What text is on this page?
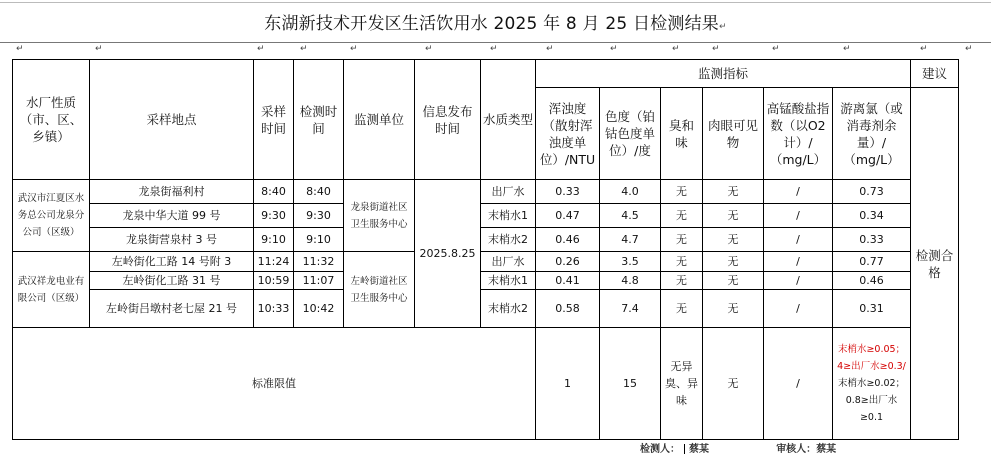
东湖新技术开发区生活饮用水 2025 年 8 月 25 日检测结果↵
↵	↵	↵	↵	↵	↵	↵	↵	↵	↵	↵	↵	↵	↵	↵
水厂性质（市、区、乡镇）	采样地点	采样时间	检测时间	监测单位	信息发布时间	水质类型	监测指标						建议
							浑浊度（散射浑浊度单位）/NTU	色度（铂钴色度单位）/度	臭和味	肉眼可见物	高锰酸盐指数（以O2计）/（mg/L）	游离氯（或消毒剂余量）/（mg/L）	检测合格
武汉市江夏区水务总公司龙泉分公司（区级）	龙泉街福利村	8:40	8:40	龙泉街道社区卫生服务中心	2025.8.25	出厂水	0.33	4.0	无	无	/	0.73	
	龙泉中华大道 99 号	9:30	9:30			末梢水1	0.47	4.5	无	无	/	0.34	
	龙泉街营泉村 3 号	9:10	9:10			末梢水2	0.46	4.7	无	无	/	0.33	
武汉祥龙电业有限公司（区级）	左岭街化工路 14 号附 3	11:24	11:32	左岭街道社区卫生服务中心		出厂水	0.26	3.5	无	无	/	0.77	
	左岭街化工路 31 号	10:59	11:07			末梢水1	0.41	4.8	无	无	/	0.46	
	左岭街吕墩村老七屋 21 号	10:33	10:42			末梢水2	0.58	7.4	无	无	/	0.31	
标准限值							1	15	无异臭、异味	无	/	末梢水≥0.05；4≥出厂水≥0.3/
末梢水≥0.02；0.8≥出厂水≥0.1	
检测人： 蔡某	审核人：蔡某
